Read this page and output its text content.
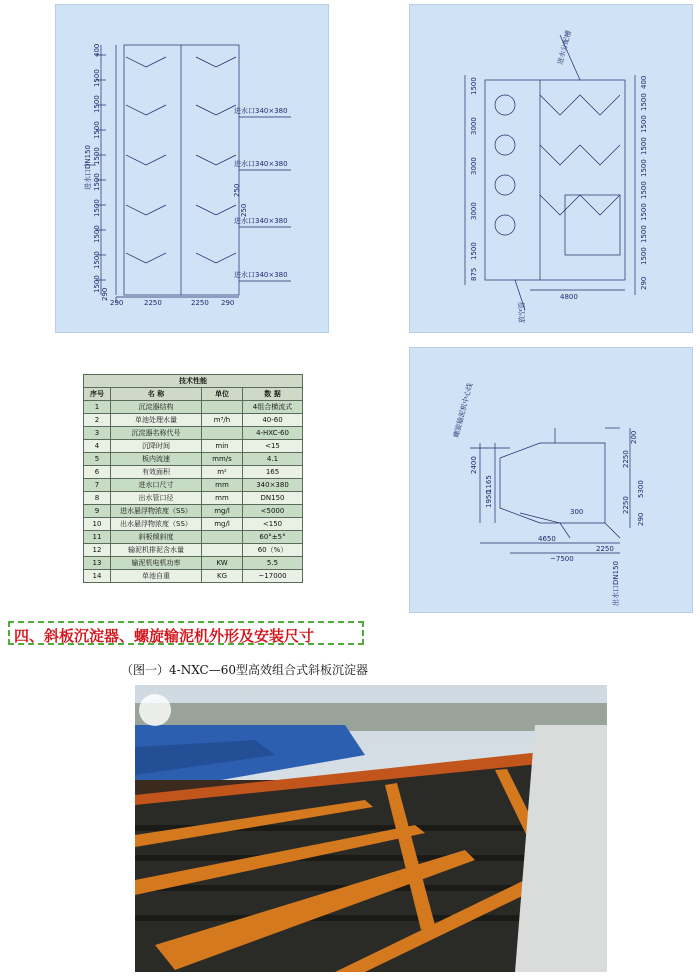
400
1500
1500
1500
1500
1500
1500
1500
1500
1500
进水口DN150
进水口340×380
进水口340×380
进水口340×380
进水口340×380
250
250
290
290	2250	2250 290
进水分配槽
放空管
4800
1500
3000
3000
3000
1500
875
400
1500
1500
1500
1500
1500
1500
1500
1500
290
螺旋输泥机中心线
出水口DN150
200
2400
1165
1950
2250
5300
2250
290
300
4650
2250
~7500
技术性能			
序号	名 称	单位	数 据
1	沉淀器结构		4组合横流式
2	单池处理水量	m³/h	40-60
3	沉淀器名称代号		4-HXC-60
4	沉降时间	min	<15
5	板内流速	mm/s	4.1
6	有效面积	m²	165
7	进水口尺寸	mm	340×380
8	出水管口径	mm	DN150
9	进水悬浮物浓度（SS）	mg/l	<5000
10	出水悬浮物浓度（SS）	mg/l	<150
11	斜板倾斜度		60°±5°
12	输泥机排泥含水量		60（%）
13	输泥机电机功率	KW	5.5
14	单池自重	KG	~17000
四、斜板沉淀器、螺旋输泥机外形及安装尺寸
（图一）4-NXC—60型高效组合式斜板沉淀器
